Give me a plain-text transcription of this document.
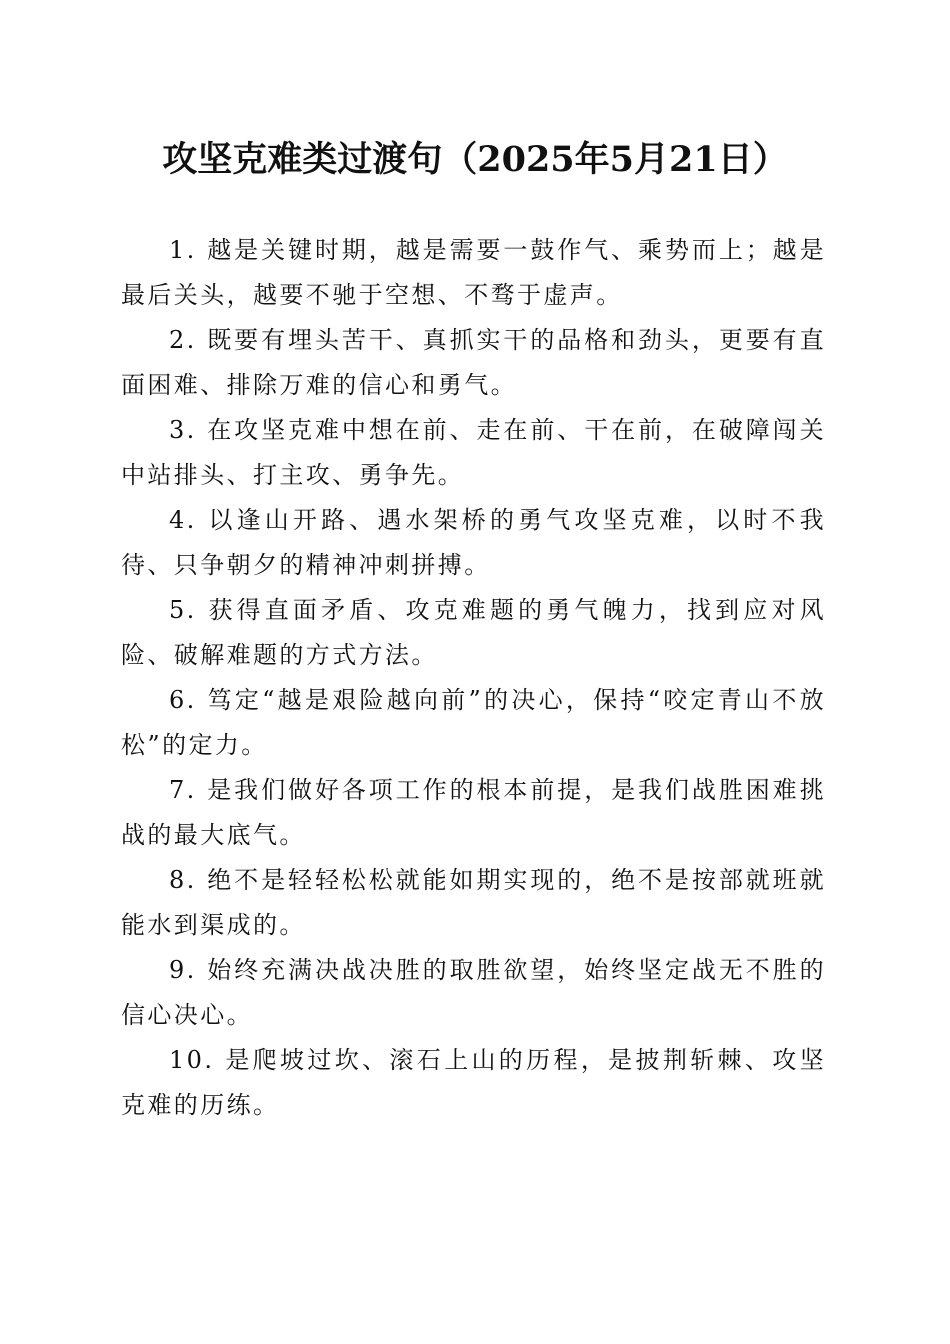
攻坚克难类过渡句（2025年5月21日）

1. 越是关键时期，越是需要一鼓作气、乘势而上；越是最后关头，越要不驰于空想、不骛于虚声。

2. 既要有埋头苦干、真抓实干的品格和劲头，更要有直面困难、排除万难的信心和勇气。

3. 在攻坚克难中想在前、走在前、干在前，在破障闯关中站排头、打主攻、勇争先。

4. 以逢山开路、遇水架桥的勇气攻坚克难，以时不我待、只争朝夕的精神冲刺拼搏。

5. 获得直面矛盾、攻克难题的勇气魄力，找到应对风险、破解难题的方式方法。

6. 笃定“越是艰险越向前”的决心，保持“咬定青山不放松”的定力。

7. 是我们做好各项工作的根本前提，是我们战胜困难挑战的最大底气。

8. 绝不是轻轻松松就能如期实现的，绝不是按部就班就能水到渠成的。

9. 始终充满决战决胜的取胜欲望，始终坚定战无不胜的信心决心。

10. 是爬坡过坎、滚石上山的历程，是披荆斩棘、攻坚克难的历练。
